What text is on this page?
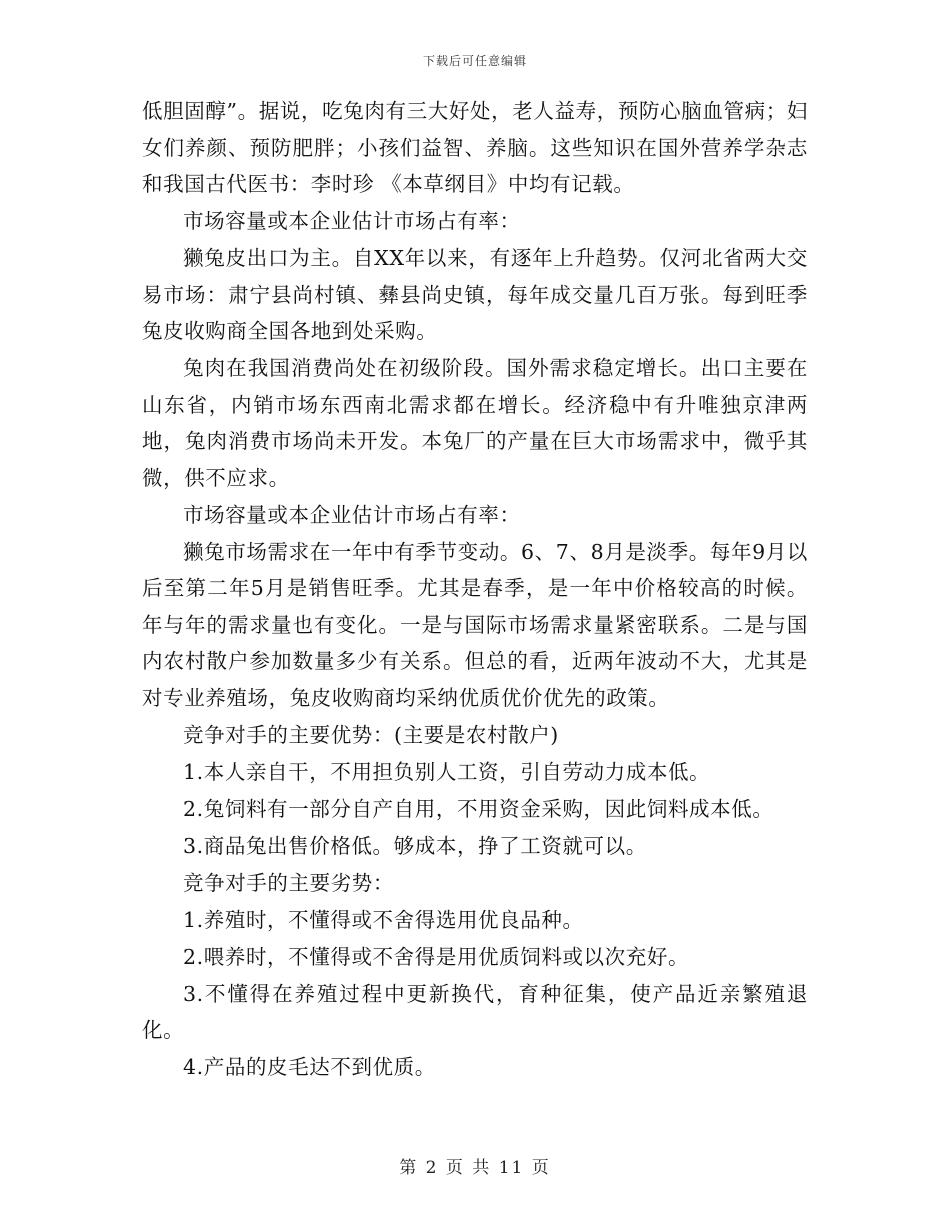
下载后可任意编辑

低胆固醇”。据说，吃兔肉有三大好处，老人益寿，预防心脑血管病；妇女们养颜、预防肥胖；小孩们益智、养脑。这些知识在国外营养学杂志和我国古代医书：李时珍 《本草纲目》中均有记载。

市场容量或本企业估计市场占有率：

獭兔皮出口为主。自XX年以来，有逐年上升趋势。仅河北省两大交易市场：肃宁县尚村镇、彝县尚史镇，每年成交量几百万张。每到旺季兔皮收购商全国各地到处采购。

兔肉在我国消费尚处在初级阶段。国外需求稳定增长。出口主要在山东省，内销市场东西南北需求都在增长。经济稳中有升唯独京津两地，兔肉消费市场尚未开发。本兔厂的产量在巨大市场需求中，微乎其微，供不应求。

市场容量或本企业估计市场占有率：

獭兔市场需求在一年中有季节变动。6、7、8月是淡季。每年9月以后至第二年5月是销售旺季。尤其是春季，是一年中价格较高的时候。年与年的需求量也有变化。一是与国际市场需求量紧密联系。二是与国内农村散户参加数量多少有关系。但总的看，近两年波动不大，尤其是对专业养殖场，兔皮收购商均采纳优质优价优先的政策。

竞争对手的主要优势：(主要是农村散户)

1.本人亲自干，不用担负别人工资，引自劳动力成本低。

2.兔饲料有一部分自产自用，不用资金采购，因此饲料成本低。

3.商品兔出售价格低。够成本，挣了工资就可以。

竞争对手的主要劣势：

1.养殖时，不懂得或不舍得选用优良品种。

2.喂养时，不懂得或不舍得是用优质饲料或以次充好。

3.不懂得在养殖过程中更新换代，育种征集，使产品近亲繁殖退化。

4.产品的皮毛达不到优质。

第 2 页 共 11 页
